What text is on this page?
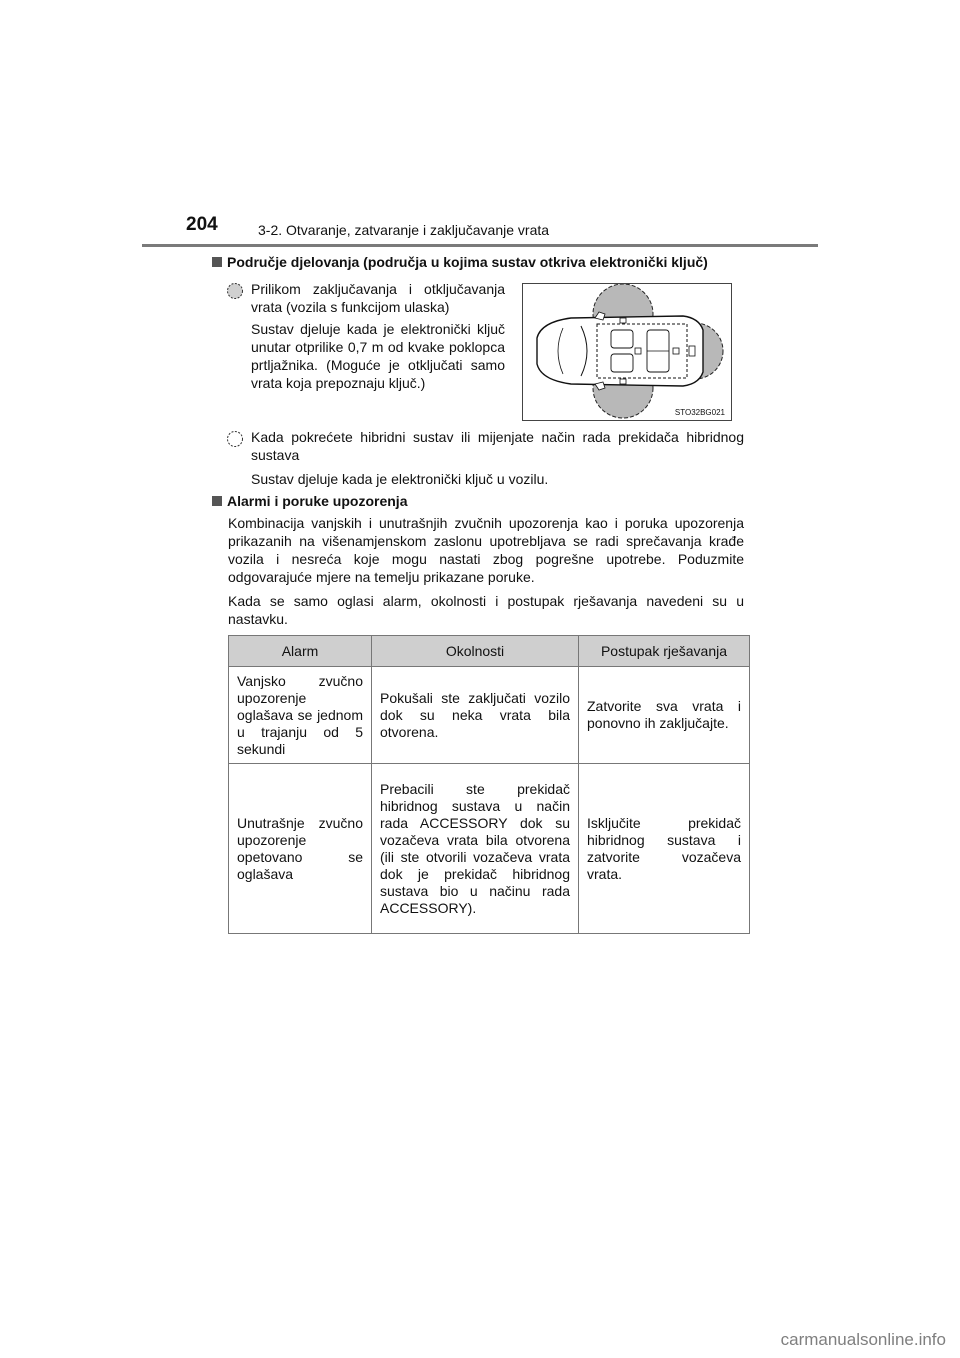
204	3-2. Otvaranje, zatvaranje i zaključavanje vrata
Područje djelovanja (područja u kojima sustav otkriva elektronički ključ)
Prilikom zaključavanja i otključavanja vrata (vozila s funkcijom ulaska)
Sustav djeluje kada je elektronički ključ unutar otprilike 0,7 m od kvake poklopca prtljažnika. (Moguće je otključati samo vrata koja prepoznaju ključ.)
STO32BG021
Kada pokrećete hibridni sustav ili mijenjate način rada prekidača hibridnog sustava
Sustav djeluje kada je elektronički ključ u vozilu.
Alarmi i poruke upozorenja
Kombinacija vanjskih i unutrašnjih zvučnih upozorenja kao i poruka upozorenja prikazanih na višenamjenskom zaslonu upotrebljava se radi sprečavanja krađe vozila i nesreća koje mogu nastati zbog pogrešne upotrebe. Poduzmite odgovarajuće mjere na temelju prikazane poruke.
Kada se samo oglasi alarm, okolnosti i postupak rješavanja navedeni su u nastavku.
Alarm	Okolnosti	Postupak rješavanja
Vanjsko zvučno upozorenje oglašava se jednom u trajanju od 5 sekundi	Pokušali ste zaključati vozilo dok su neka vrata bila otvorena.	Zatvorite sva vrata i ponovno ih zaključajte.
Unutrašnje zvučno upozorenje opetovano se oglašava	Prebacili ste prekidač hibridnog sustava u način rada ACCESSORY dok su vozačeva vrata bila otvorena (ili ste otvorili vozačeva vrata dok je prekidač hibridnog sustava bio u načinu rada ACCESSORY).	Isključite prekidač hibridnog sustava i zatvorite vozačeva vrata.
carmanualsonline.info
